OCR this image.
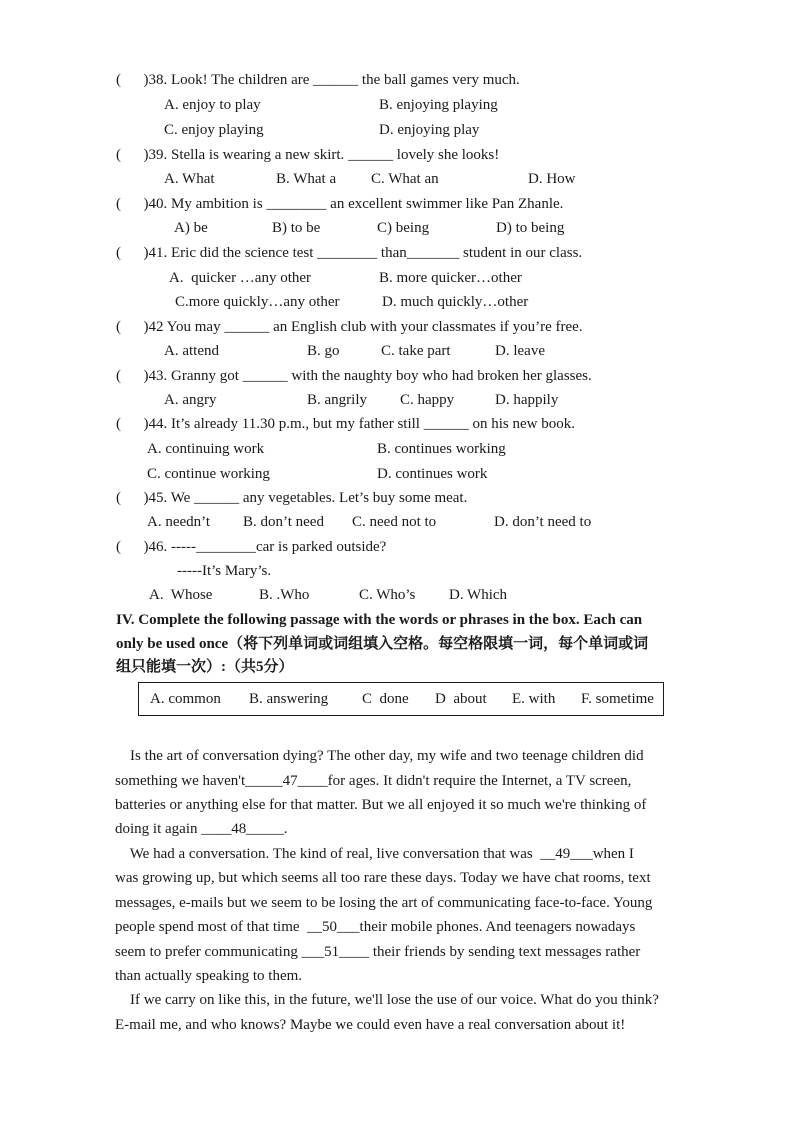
(      )38. Look! The children are ______ the ball games very much.
A. enjoy to play	B. enjoying playing
C. enjoy playing	D. enjoying play
(      )39. Stella is wearing a new skirt. ______ lovely she looks!
A. What	B. What a C. What an	D. How
(      )40. My ambition is ________ an excellent swimmer like Pan Zhanle.
A) be	B) to be	C) being	D) to being
(      )41. Eric did the science test ________ than_______ student in our class.
A.  quicker …any other	B. more quicker…other
C.more quickly…any other	D. much quickly…other
(      )42 You may ______ an English club with your classmates if you’re free.
A. attend	B. go	C. take part	D. leave
(      )43. Granny got ______ with the naughty boy who had broken her glasses.
A. angry	B. angrily C. happy	D. happily
(      )44. It’s already 11.30 p.m., but my father still ______ on his new book.
A. continuing work	B. continues working
C. continue working	D. continues work
(      )45. We ______ any vegetables. Let’s buy some meat.
A. needn’t B. don’t need C. need not to	D. don’t need to
(      )46. -----________car is parked outside?
-----It’s Mary’s.
A.  Whose	B. .Who	C. Who’s D. Which
IV. Complete the following passage with the words or phrases in the box. Each can
only be used once（将下列单词或词组填入空格。每空格限填一词，每个单词或词
组只能填一次）:（共5分）
A. common B. answering C  done D  about E. with F. sometime
Is the art of conversation dying? The other day, my wife and two teenage children did
something we haven't_____47____for ages. It didn't require the Internet, a TV screen,
batteries or anything else for that matter. But we all enjoyed it so much we're thinking of
doing it again ____48_____.
We had a conversation. The kind of real, live conversation that was  __49___when I
was growing up, but which seems all too rare these days. Today we have chat rooms, text
messages, e-mails but we seem to be losing the art of communicating face-to-face. Young
people spend most of that time  __50___their mobile phones. And teenagers nowadays
seem to prefer communicating ___51____ their friends by sending text messages rather
than actually speaking to them.
If we carry on like this, in the future, we'll lose the use of our voice. What do you think?
E-mail me, and who knows? Maybe we could even have a real conversation about it!
